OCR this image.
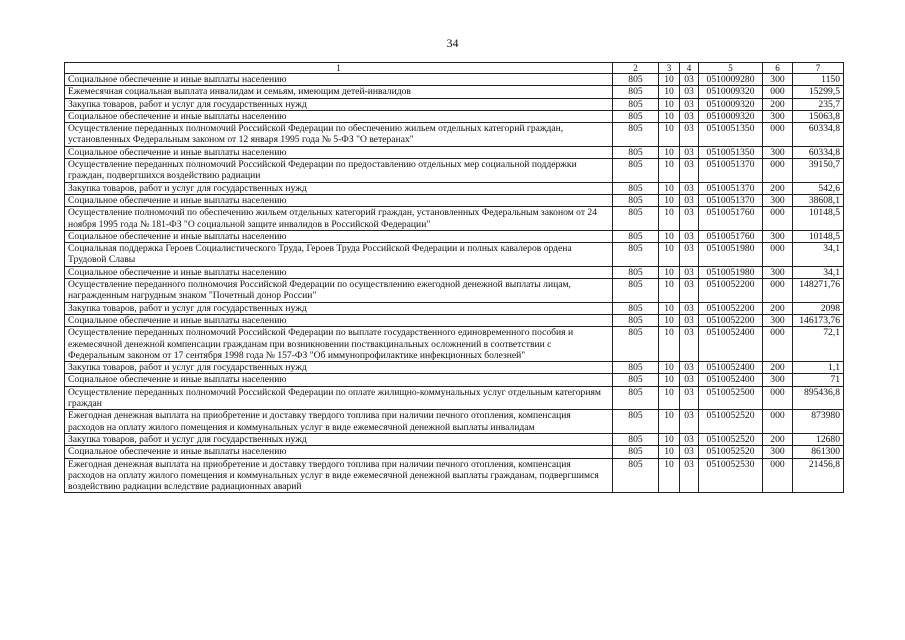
34
1	2	3	4	5	6	7
Социальное обеспечение и иные выплаты населению	805	10	03	0510009280	300	1150
Ежемесячная социальная выплата инвалидам и семьям, имеющим детей-инвалидов	805	10	03	0510009320	000	15299,5
Закупка товаров, работ и услуг для государственных нужд	805	10	03	0510009320	200	235,7
Социальное обеспечение и иные выплаты населению	805	10	03	0510009320	300	15063,8
Осуществление переданных полномочий Российской Федерации по обеспечению жильем отдельных категорий граждан, установленных Федеральным законом от 12 января 1995 года № 5-ФЗ "О ветеранах"	805	10	03	0510051350	000	60334,8
Социальное обеспечение и иные выплаты населению	805	10	03	0510051350	300	60334,8
Осуществление переданных полномочий Российской Федерации по предоставлению отдельных мер социальной поддержки граждан, подвергшихся воздействию радиации	805	10	03	0510051370	000	39150,7
Закупка товаров, работ и услуг для государственных нужд	805	10	03	0510051370	200	542,6
Социальное обеспечение и иные выплаты населению	805	10	03	0510051370	300	38608,1
Осуществление полномочий по обеспечению жильем отдельных категорий граждан, установленных Федеральным законом от 24 ноября 1995 года № 181-ФЗ "О социальной защите инвалидов в Российской Федерации"	805	10	03	0510051760	000	10148,5
Социальное обеспечение и иные выплаты населению	805	10	03	0510051760	300	10148,5
Социальная поддержка Героев Социалистического Труда, Героев Труда Российской Федерации и полных кавалеров ордена Трудовой Славы	805	10	03	0510051980	000	34,1
Социальное обеспечение и иные выплаты населению	805	10	03	0510051980	300	34,1
Осуществление переданного полномочия Российской Федерации по осуществлению ежегодной денежной выплаты лицам, награжденным нагрудным знаком "Почетный донор России"	805	10	03	0510052200	000	148271,76
Закупка товаров, работ и услуг для государственных нужд	805	10	03	0510052200	200	2098
Социальное обеспечение и иные выплаты населению	805	10	03	0510052200	300	146173,76
Осуществление переданных полномочий Российской Федерации по выплате государственного единовременного пособия и ежемесячной денежной компенсации гражданам при возникновении поствакцинальных осложнений в соответствии с Федеральным законом от 17 сентября 1998 года № 157-ФЗ "Об иммунопрофилактике инфекционных болезней"	805	10	03	0510052400	000	72,1
Закупка товаров, работ и услуг для государственных нужд	805	10	03	0510052400	200	1,1
Социальное обеспечение и иные выплаты населению	805	10	03	0510052400	300	71
Осуществление переданных полномочий Российской Федерации по оплате жилищно-коммунальных услуг отдельным категориям граждан	805	10	03	0510052500	000	895436,8
Ежегодная денежная выплата на приобретение и доставку твердого топлива при наличии печного отопления, компенсация расходов на оплату жилого помещения и коммунальных услуг в виде ежемесячной денежной выплаты инвалидам	805	10	03	0510052520	000	873980
Закупка товаров, работ и услуг для государственных нужд	805	10	03	0510052520	200	12680
Социальное обеспечение и иные выплаты населению	805	10	03	0510052520	300	861300
Ежегодная денежная выплата на приобретение и доставку твердого топлива при наличии печного отопления, компенсация расходов на оплату жилого помещения и коммунальных услуг в виде ежемесячной денежной выплаты гражданам, подвергшимся воздействию радиации вследствие радиационных аварий	805	10	03	0510052530	000	21456,8
